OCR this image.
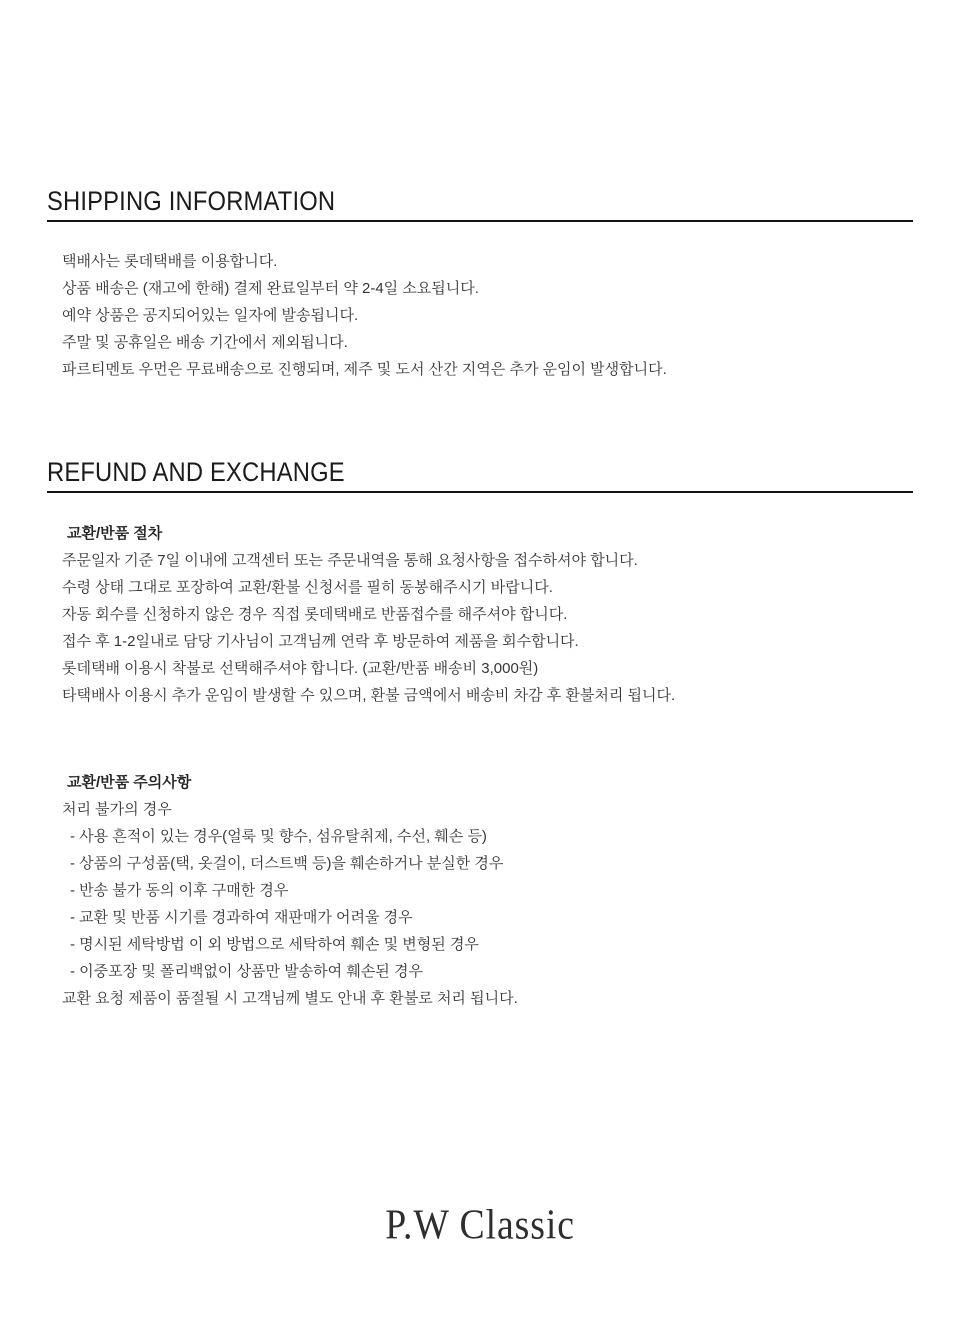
SHIPPING INFORMATION

택배사는 롯데택배를 이용합니다.

상품 배송은 (재고에 한해) 결제 완료일부터 약 2-4일 소요됩니다.

예약 상품은 공지되어있는 일자에 발송됩니다.

주말 및 공휴일은 배송 기간에서 제외됩니다.

파르티멘토 우먼은 무료배송으로 진행되며, 제주 및 도서 산간 지역은 추가 운임이 발생합니다.

REFUND AND EXCHANGE
교환/반품 절차

주문일자 기준 7일 이내에 고객센터 또는 주문내역을 통해 요청사항을 접수하셔야 합니다.

수령 상태 그대로 포장하여 교환/환불 신청서를 필히 동봉해주시기 바랍니다.

자동 회수를 신청하지 않은 경우 직접 롯데택배로 반품접수를 해주셔야 합니다.

접수 후 1-2일내로 담당 기사님이 고객님께 연락 후 방문하여 제품을 회수합니다.

롯데택배 이용시 착불로 선택해주셔야 합니다. (교환/반품 배송비 3,000원)

타택배사 이용시 추가 운임이 발생할 수 있으며, 환불 금액에서 배송비 차감 후 환불처리 됩니다.

교환/반품 주의사항

처리 불가의 경우

- 사용 흔적이 있는 경우(얼룩 및 향수, 섬유탈취제, 수선, 훼손 등)

- 상품의 구성품(택, 옷걸이, 더스트백 등)을 훼손하거나 분실한 경우

- 반송 불가 동의 이후 구매한 경우

- 교환 및 반품 시기를 경과하여 재판매가 어려울 경우

- 명시된 세탁방법 이 외 방법으로 세탁하여 훼손 및 변형된 경우

- 이중포장 및 폴리백없이 상품만 발송하여 훼손된 경우

교환 요청 제품이 품절될 시 고객님께 별도 안내 후 환불로 처리 됩니다.

P.W Classic
